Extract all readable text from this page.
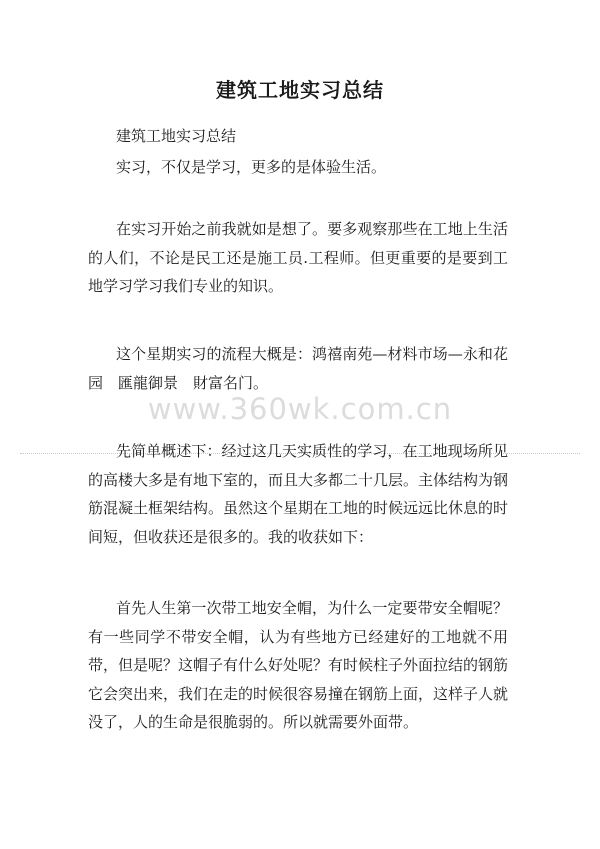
建筑工地实习总结
建筑工地实习总结
实习，不仅是学习，更多的是体验生活。
在实习开始之前我就如是想了。要多观察那些在工地上生活的人们，不论是民工还是施工员.工程师。但更重要的是要到工地学习学习我们专业的知识。
这个星期实习的流程大概是：鸿禧南苑—材料市场—永和花园　匯龍御景　財富名门。
www.360wk.com.cn
先简单概述下：经过这几天实质性的学习，在工地现场所见的高楼大多是有地下室的，而且大多都二十几层。主体结构为钢筋混凝土框架结构。虽然这个星期在工地的时候远远比休息的时间短，但收获还是很多的。我的收获如下：
首先人生第一次带工地安全帽，为什么一定要带安全帽呢？有一些同学不带安全帽，认为有些地方已经建好的工地就不用带，但是呢？这帽子有什么好处呢？有时候柱子外面拉结的钢筋它会突出来，我们在走的时候很容易撞在钢筋上面，这样子人就没了，人的生命是很脆弱的。所以就需要外面带。
